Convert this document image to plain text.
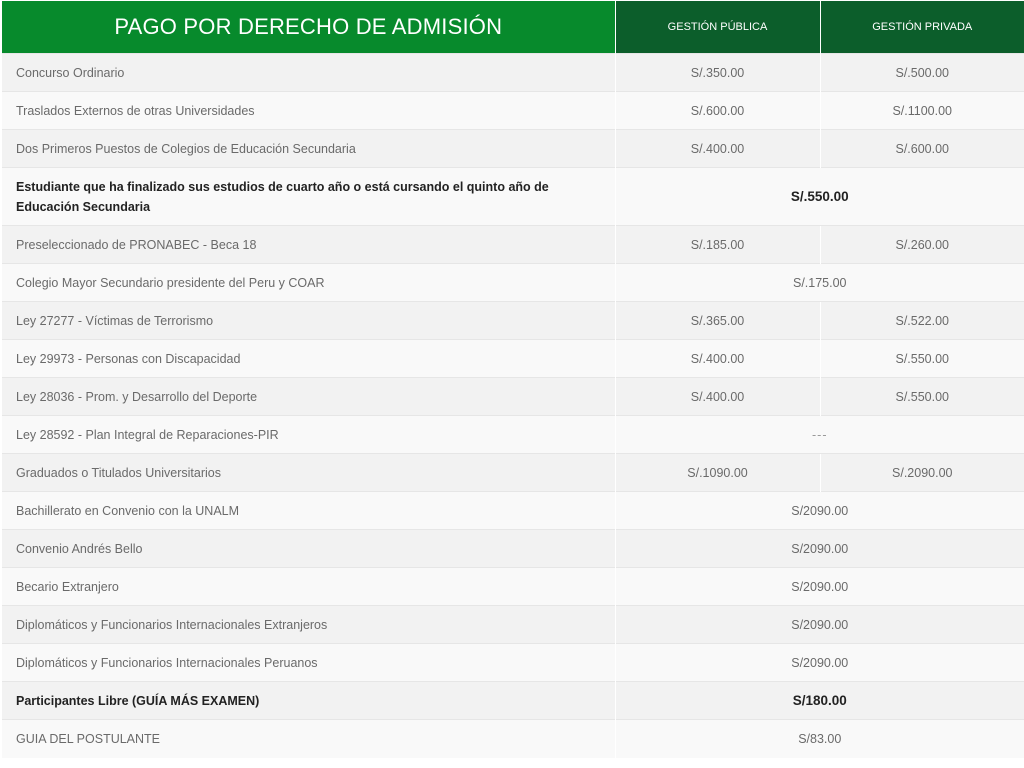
PAGO POR DERECHO DE ADMISIÓN	GESTIÓN PÚBLICA	GESTIÓN PRIVADA
Concurso Ordinario	S/.350.00	S/.500.00
Traslados Externos de otras Universidades	S/.600.00	S/.1100.00
Dos Primeros Puestos de Colegios de Educación Secundaria	S/.400.00	S/.600.00
Estudiante que ha finalizado sus estudios de cuarto año o está cursando el quinto año de Educación Secundaria	S/.550.00	
Preseleccionado de PRONABEC - Beca 18	S/.185.00	S/.260.00
Colegio Mayor Secundario presidente del Peru y COAR	S/.175.00	
Ley 27277 - Víctimas de Terrorismo	S/.365.00	S/.522.00
Ley 29973 - Personas con Discapacidad	S/.400.00	S/.550.00
Ley 28036 - Prom. y Desarrollo del Deporte	S/.400.00	S/.550.00
Ley 28592 - Plan Integral de Reparaciones-PIR	---	
Graduados o Titulados Universitarios	S/.1090.00	S/.2090.00
Bachillerato en Convenio con la UNALM	S/2090.00	
Convenio Andrés Bello	S/2090.00	
Becario Extranjero	S/2090.00	
Diplomáticos y Funcionarios Internacionales Extranjeros	S/2090.00	
Diplomáticos y Funcionarios Internacionales Peruanos	S/2090.00	
Participantes Libre (GUÍA MÁS EXAMEN)	S/180.00	
GUIA DEL POSTULANTE	S/83.00	
